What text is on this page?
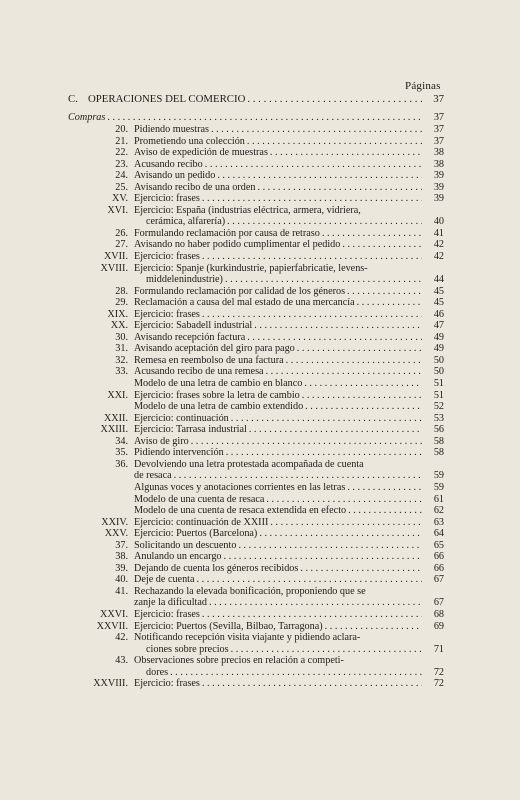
Páginas
C. OPERACIONES DEL COMERCIO . . .	37
Compras . . .	37
20. Pidiendo muestras . . .	37
21. Prometiendo una colección . . .	37
22. Aviso de expedición de muestras . . .	38
23. Acusando recibo . . .	38
24. Avisando un pedido . . .	39
25. Avisando recibo de una orden . . .	39
XV. Ejercicio: frases . . .	39
XVI. Ejercicio: España (industrias eléctrica, armera, vidriera,
cerámica, alfarería) . . .	40
26. Formulando reclamación por causa de retraso . . .	41
27. Avisando no haber podido cumplimentar el pedido . . .	42
XVII. Ejercicio: frases . . .	42
XVIII. Ejercicio: Spanje (kurkindustrie, papierfabricatie, levens-
middelenindustrie) . . .	44
28. Formulando reclamación por calidad de los géneros . . .	45
29. Reclamación a causa del mal estado de una mercancía . . .	45
XIX. Ejercicio: frases . . .	46
XX. Ejercicio: Sabadell industrial . . .	47
30. Avisando recepción factura . . .	49
31. Avisando aceptación del giro para pago . . .	49
32. Remesa en reembolso de una factura . . .	50
33. Acusando recibo de una remesa . . .	50
Modelo de una letra de cambio en blanco . . .	51
XXI. Ejercicio: frases sobre la letra de cambio . . .	51
Modelo de una letra de cambio extendido . . .	52
XXII. Ejercicio: continuación . . .	53
XXIII. Ejercicio: Tarrasa industrial . . .	56
34. Aviso de giro . . .	58
35. Pidiendo intervención . . .	58
36. Devolviendo una letra protestada acompañada de cuenta
de resaca . . .	59
Algunas voces y anotaciones corrientes en las letras . . .	59
Modelo de una cuenta de resaca . . .	61
Modelo de una cuenta de resaca extendida en efecto . . .	62
XXIV. Ejercicio: continuación de XXIII . . .	63
XXV. Ejercicio: Puertos (Barcelona) . . .	64
37. Solicitando un descuento . . .	65
38. Anulando un encargo . . .	66
39. Dejando de cuenta los géneros recibidos . . .	66
40. Deje de cuenta . . .	67
41. Rechazando la elevada bonificación, proponiendo que se
zanje la dificultad . . .	67
XXVI. Ejercicio: frases . . .	68
XXVII. Ejercicio: Puertos (Sevilla, Bilbao, Tarragona) . . .	69
42. Notificando recepción visita viajante y pidiendo aclara-
ciones sobre precios . . .	71
43. Observaciones sobre precios en relación a competi-
dores . . .	72
XXVIII. Ejercicio: frases . . .	72
